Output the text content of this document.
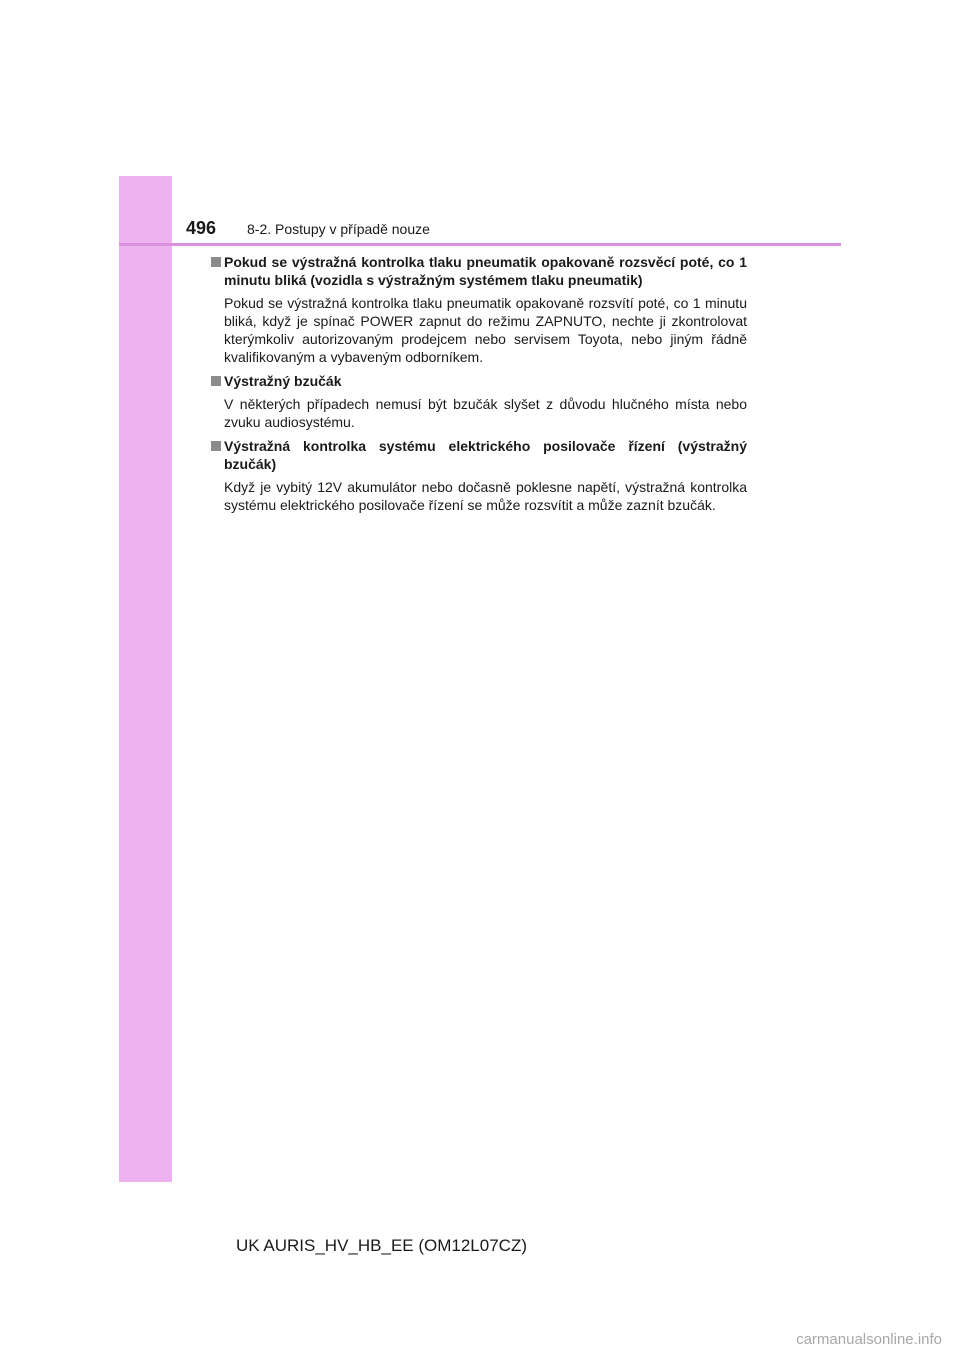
496 8-2. Postupy v případě nouze
Pokud se výstražná kontrolka tlaku pneumatik opakovaně rozsvěcí poté, co 1 minutu bliká (vozidla s výstražným systémem tlaku pneumatik)
Pokud se výstražná kontrolka tlaku pneumatik opakovaně rozsvítí poté, co 1 minutu bliká, když je spínač POWER zapnut do režimu ZAPNUTO, nechte ji zkontrolovat kterýmkoliv autorizovaným prodejcem nebo servisem Toyota, nebo jiným řádně kvalifikovaným a vybaveným odborníkem.
Výstražný bzučák
V některých případech nemusí být bzučák slyšet z důvodu hlučného místa nebo zvuku audiosystému.
Výstražná kontrolka systému elektrického posilovače řízení (výstražný bzučák)
Když je vybitý 12V akumulátor nebo dočasně poklesne napětí, výstražná kontrolka systému elektrického posilovače řízení se může rozsvítit a může zaznít bzučák.
UK AURIS_HV_HB_EE (OM12L07CZ)
carmanualsonline.info
